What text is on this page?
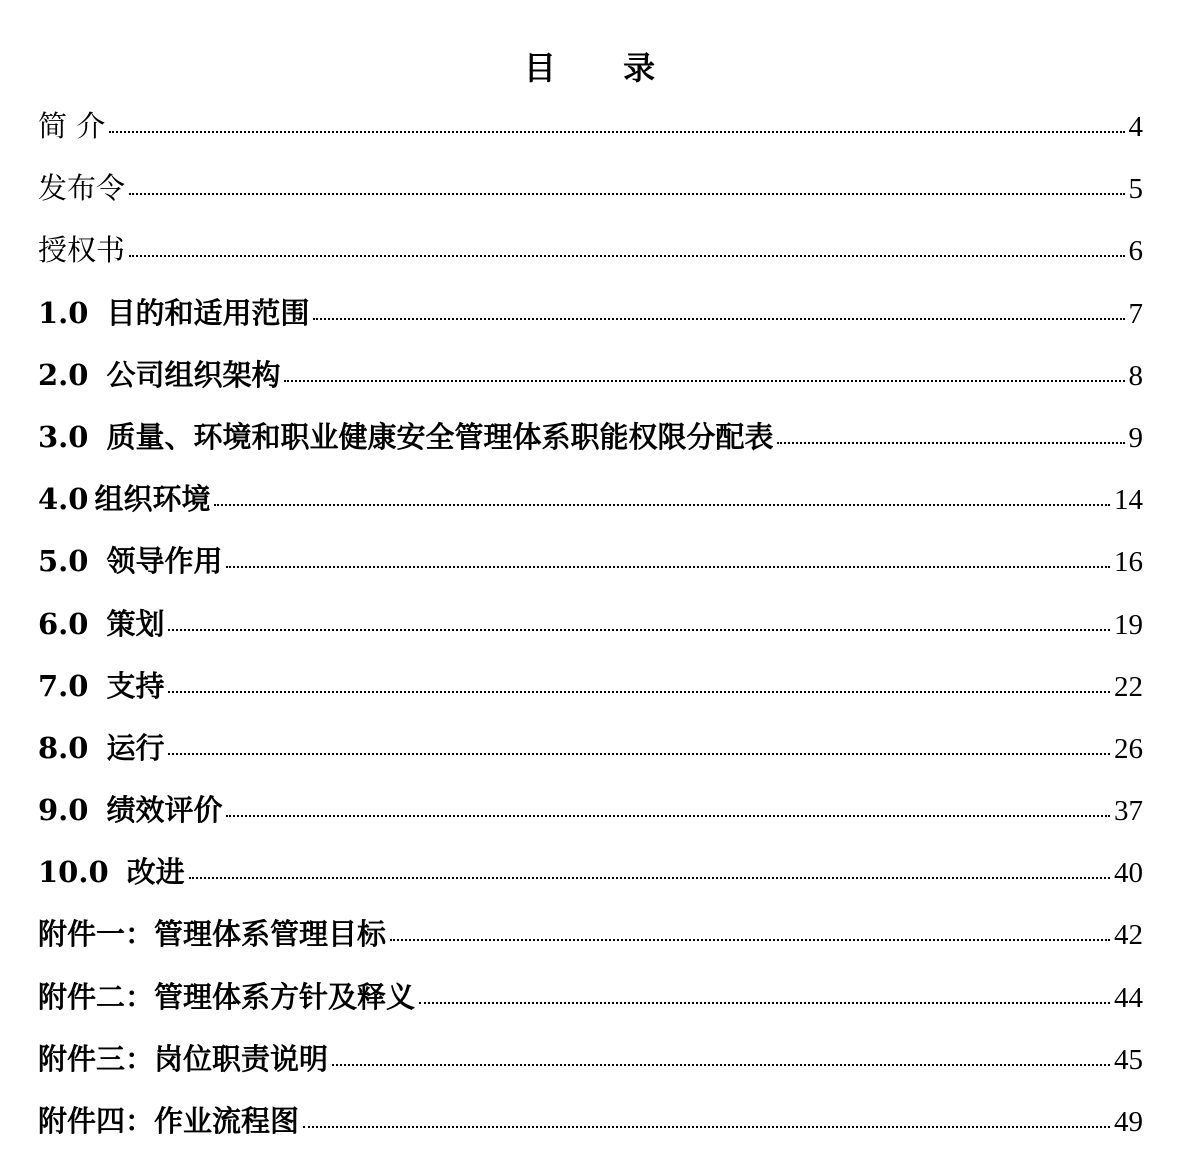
目 录
简 介	4
发布令	5
授权书	6
1.0 目的和适用范围	7
2.0 公司组织架构	8
3.0 质量、环境和职业健康安全管理体系职能权限分配表	9
4.0 组织环境	14
5.0 领导作用	16
6.0 策划	19
7.0 支持	22
8.0 运行	26
9.0 绩效评价	37
10.0 改进	40
附件一：管理体系管理目标	42
附件二：管理体系方针及释义	44
附件三：岗位职责说明	45
附件四：作业流程图	49
